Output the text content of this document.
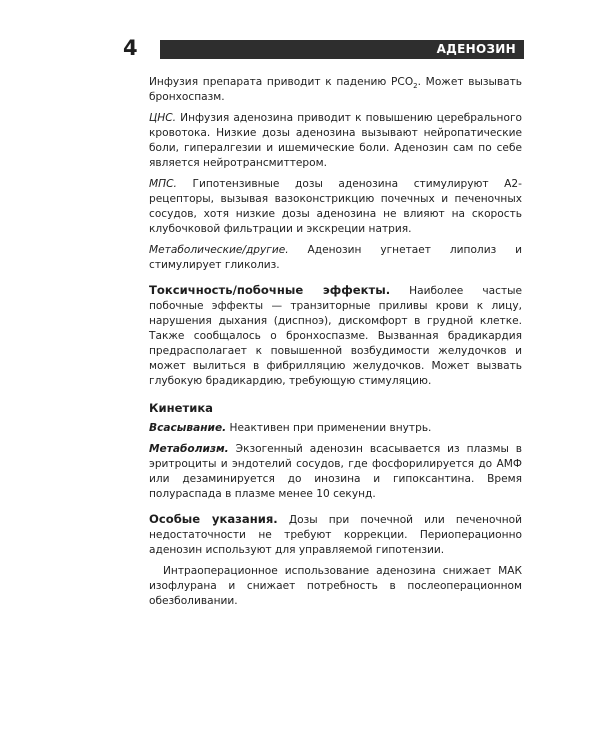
4	АДЕНОЗИН

Инфузия препарата приводит к падению $PCO_2$. Может вызывать бронхоспазм.

ЦНС. Инфузия аденозина приводит к повышению церебрального кровотока. Низкие дозы аденозина вызывают нейропатические боли, гипералгезии и ишемические боли. Аденозин сам по себе является нейротрансмиттером.

МПС. Гипотензивные дозы аденозина стимулируют А2-рецепторы, вызывая вазоконстрикцию почечных и печеночных сосудов, хотя низкие дозы аденозина не влияют на скорость клубочковой фильтрации и экскреции натрия.

Метаболические/другие. Аденозин угнетает липолиз и стимулирует гликолиз.

Токсичность/побочные эффекты. Наиболее частые побочные эффекты — транзиторные приливы крови к лицу, нарушения дыхания (диспноэ), дискомфорт в грудной клетке. Также сообщалось о бронхоспазме. Вызванная брадикардия предрасполагает к повышенной возбудимости желудочков и может вылиться в фибрилляцию желудочков. Может вызвать глубокую брадикардию, требующую стимуляцию.

Кинетика

Всасывание. Неактивен при применении внутрь.

Метаболизм. Экзогенный аденозин всасывается из плазмы в эритроциты и эндотелий сосудов, где фосфорилируется до АМФ или дезаминируется до инозина и гипоксантина. Время полураспада в плазме менее 10 секунд.

Особые указания. Дозы при почечной или печеночной недостаточности не требуют коррекции. Периоперационно аденозин используют для управляемой гипотензии.

Интраоперационное использование аденозина снижает МАК изофлурана и снижает потребность в послеоперационном обезболивании.
